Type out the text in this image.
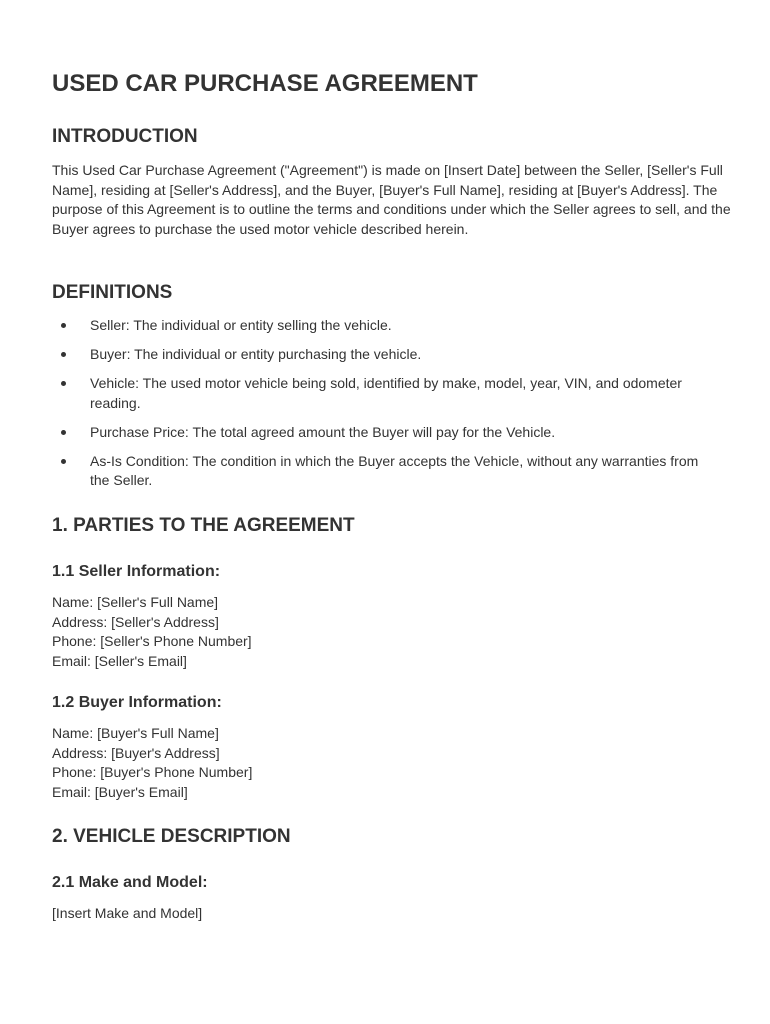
USED CAR PURCHASE AGREEMENT
INTRODUCTION

This Used Car Purchase Agreement ("Agreement") is made on [Insert Date] between the Seller, [Seller's Full Name], residing at [Seller's Address], and the Buyer, [Buyer's Full Name], residing at [Buyer's Address]. The purpose of this Agreement is to outline the terms and conditions under which the Seller agrees to sell, and the Buyer agrees to purchase the used motor vehicle described herein.

DEFINITIONS
Seller: The individual or entity selling the vehicle.
Buyer: The individual or entity purchasing the vehicle.
Vehicle: The used motor vehicle being sold, identified by make, model, year, VIN, and odometer reading.
Purchase Price: The total agreed amount the Buyer will pay for the Vehicle.
As-Is Condition: The condition in which the Buyer accepts the Vehicle, without any warranties from the Seller.
1. PARTIES TO THE AGREEMENT
1.1 Seller Information:
Name: [Seller's Full Name]
Address: [Seller's Address]
Phone: [Seller's Phone Number]
Email: [Seller's Email]
1.2 Buyer Information:
Name: [Buyer's Full Name]
Address: [Buyer's Address]
Phone: [Buyer's Phone Number]
Email: [Buyer's Email]
2. VEHICLE DESCRIPTION
2.1 Make and Model:
[Insert Make and Model]
